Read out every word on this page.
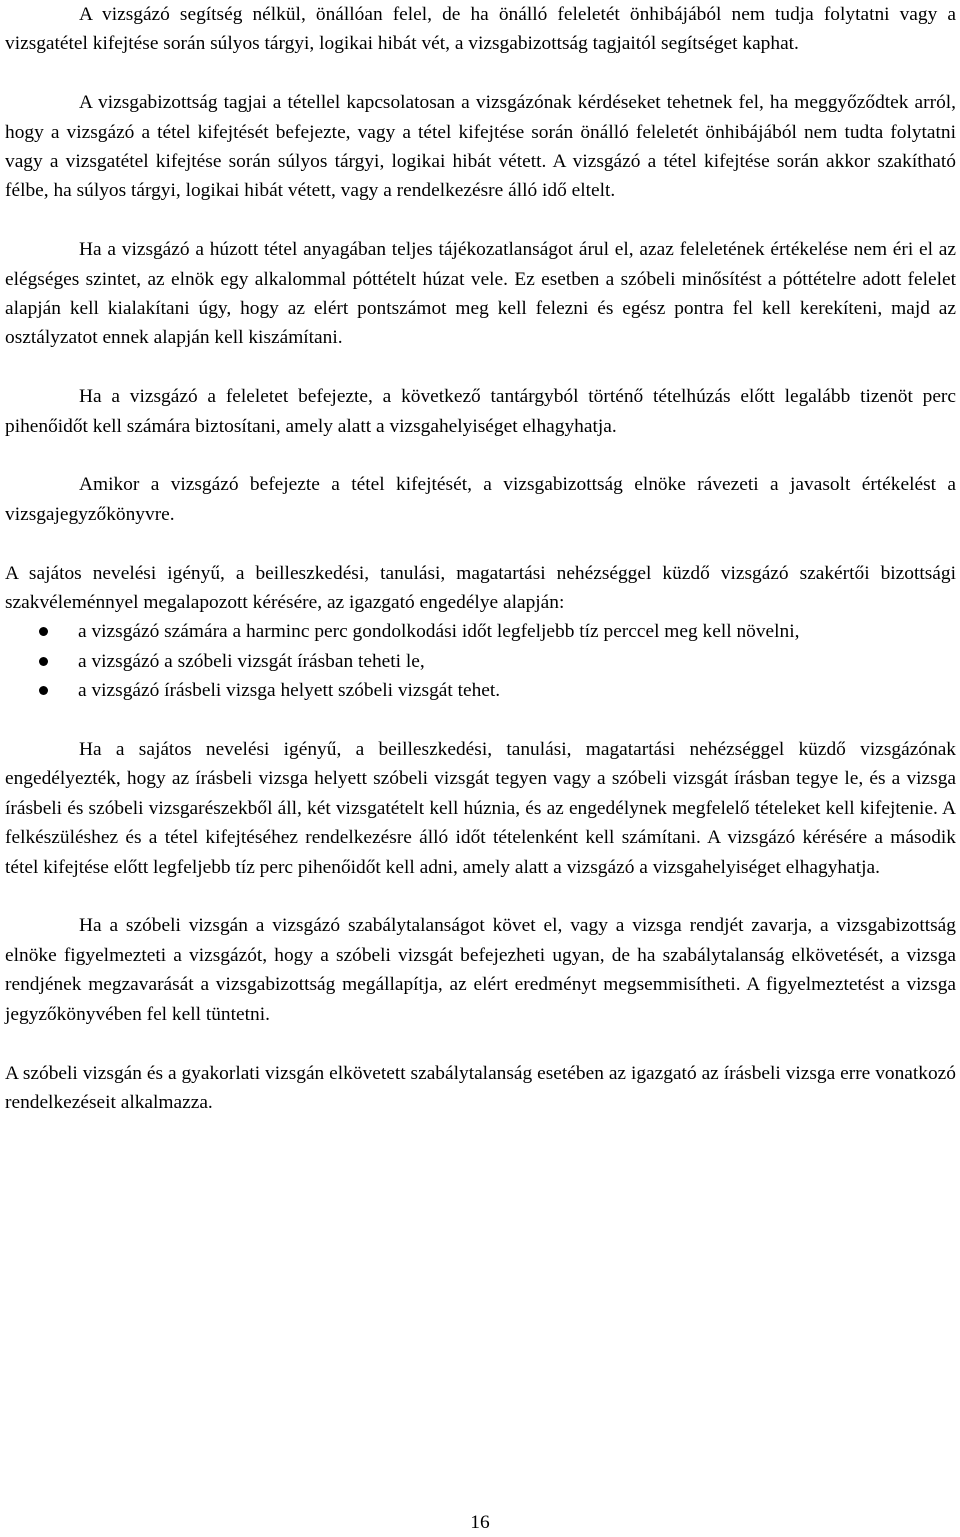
A vizsgázó segítség nélkül, önállóan felel, de ha önálló feleletét önhibájából nem tudja folytatni vagy a vizsgatétel kifejtése során súlyos tárgyi, logikai hibát vét, a vizsgabizottság tagjaitól segítséget kaphat.

A vizsgabizottság tagjai a tétellel kapcsolatosan a vizsgázónak kérdéseket tehetnek fel, ha meggyőződtek arról, hogy a vizsgázó a tétel kifejtését befejezte, vagy a tétel kifejtése során önálló feleletét önhibájából nem tudta folytatni vagy a vizsgatétel kifejtése során súlyos tárgyi, logikai hibát vétett. A vizsgázó a tétel kifejtése során akkor szakítható félbe, ha súlyos tárgyi, logikai hibát vétett, vagy a rendelkezésre álló idő eltelt.

Ha a vizsgázó a húzott tétel anyagában teljes tájékozatlanságot árul el, azaz feleletének értékelése nem éri el az elégséges szintet, az elnök egy alkalommal póttételt húzat vele. Ez esetben a szóbeli minősítést a póttételre adott felelet alapján kell kialakítani úgy, hogy az elért pontszámot meg kell felezni és egész pontra fel kell kerekíteni, majd az osztályzatot ennek alapján kell kiszámítani.

Ha a vizsgázó a feleletet befejezte, a következő tantárgyból történő tételhúzás előtt legalább tizenöt perc pihenőidőt kell számára biztosítani, amely alatt a vizsgahelyiséget elhagyhatja.

Amikor a vizsgázó befejezte a tétel kifejtését, a vizsgabizottság elnöke rávezeti a javasolt értékelést a vizsgajegyzőkönyvre.

A sajátos nevelési igényű, a beilleszkedési, tanulási, magatartási nehézséggel küzdő vizsgázó szakértői bizottsági szakvéleménnyel megalapozott kérésére, az igazgató engedélye alapján:

a vizsgázó számára a harminc perc gondolkodási időt legfeljebb tíz perccel meg kell növelni,
a vizsgázó a szóbeli vizsgát írásban teheti le,
a vizsgázó írásbeli vizsga helyett szóbeli vizsgát tehet.

Ha a sajátos nevelési igényű, a beilleszkedési, tanulási, magatartási nehézséggel küzdő vizsgázónak engedélyezték, hogy az írásbeli vizsga helyett szóbeli vizsgát tegyen vagy a szóbeli vizsgát írásban tegye le, és a vizsga írásbeli és szóbeli vizsgarészekből áll, két vizsgatételt kell húznia, és az engedélynek megfelelő tételeket kell kifejtenie. A felkészüléshez és a tétel kifejtéséhez rendelkezésre álló időt tételenként kell számítani. A vizsgázó kérésére a második tétel kifejtése előtt legfeljebb tíz perc pihenőidőt kell adni, amely alatt a vizsgázó a vizsgahelyiséget elhagyhatja.

Ha a szóbeli vizsgán a vizsgázó szabálytalanságot követ el, vagy a vizsga rendjét zavarja, a vizsgabizottság elnöke figyelmezteti a vizsgázót, hogy a szóbeli vizsgát befejezheti ugyan, de ha szabálytalanság elkövetését, a vizsga rendjének megzavarását a vizsgabizottság megállapítja, az elért eredményt megsemmisítheti. A figyelmeztetést a vizsga jegyzőkönyvében fel kell tüntetni.

A szóbeli vizsgán és a gyakorlati vizsgán elkövetett szabálytalanság esetében az igazgató az írásbeli vizsga erre vonatkozó rendelkezéseit alkalmazza.

16
